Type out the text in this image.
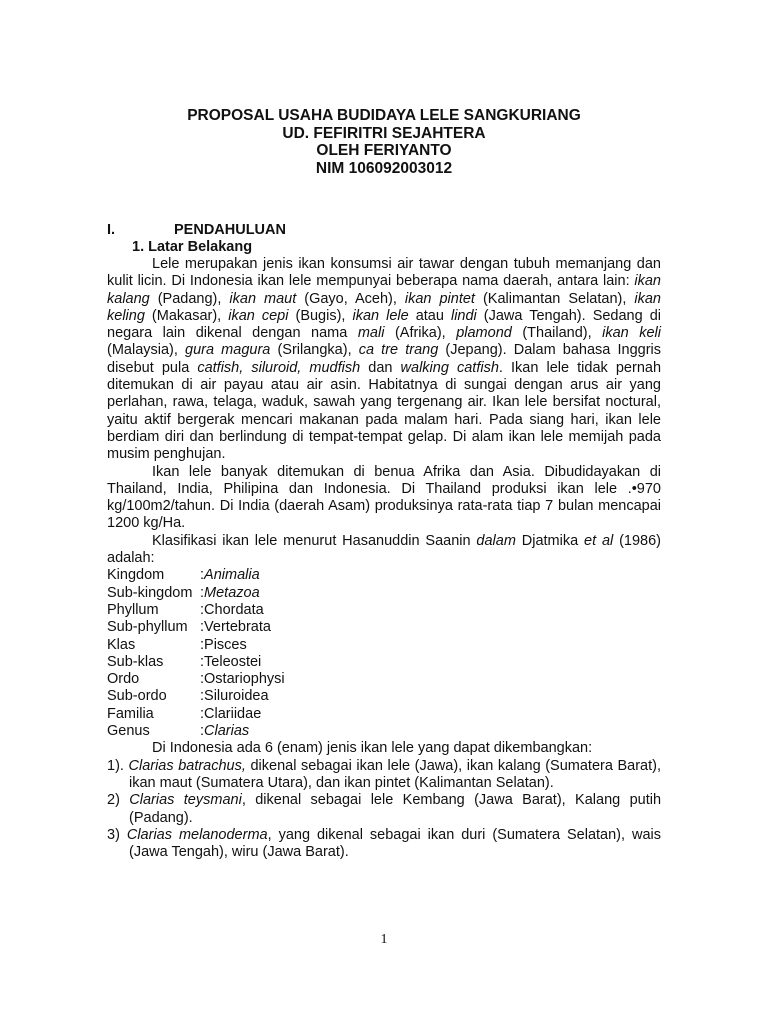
PROPOSAL USAHA BUDIDAYA LELE SANGKURIANG
UD. FEFIRITRI SEJAHTERA
OLEH FERIYANTO
NIM 106092003012
I.	PENDAHULUAN
1. Latar Belakang

Lele merupakan jenis ikan konsumsi air tawar dengan tubuh memanjang dan kulit licin. Di Indonesia ikan lele mempunyai beberapa nama daerah, antara lain: ikan kalang (Padang), ikan maut (Gayo, Aceh), ikan pintet (Kalimantan Selatan), ikan keling (Makasar), ikan cepi (Bugis), ikan lele atau lindi (Jawa Tengah). Sedang di negara lain dikenal dengan nama mali (Afrika), plamond (Thailand), ikan keli (Malaysia), gura magura (Srilangka), ca tre trang (Jepang). Dalam bahasa Inggris disebut pula catfish, siluroid, mudfish dan walking catfish. Ikan lele tidak pernah ditemukan di air payau atau air asin. Habitatnya di sungai dengan arus air yang perlahan, rawa, telaga, waduk, sawah yang tergenang air. Ikan lele bersifat noctural, yaitu aktif bergerak mencari makanan pada malam hari. Pada siang hari, ikan lele berdiam diri dan berlindung di tempat-tempat gelap. Di alam ikan lele memijah pada musim penghujan.

Ikan lele banyak ditemukan di benua Afrika dan Asia. Dibudidayakan di Thailand, India, Philipina dan Indonesia. Di Thailand produksi ikan lele .•970 kg/100m2/tahun. Di India (daerah Asam) produksinya rata-rata tiap 7 bulan mencapai 1200 kg/Ha.

Klasifikasi ikan lele menurut Hasanuddin Saanin dalam Djatmika et al (1986) adalah:

Kingdom	: Animalia
Sub-kingdom : Metazoa
Phyllum	: Chordata
Sub-phyllum : Vertebrata
Klas	: Pisces
Sub-klas	: Teleostei
Ordo	: Ostariophysi
Sub-ordo	: Siluroidea
Familia	: Clariidae
Genus	: Clarias

Di Indonesia ada 6 (enam) jenis ikan lele yang dapat dikembangkan:

1). Clarias batrachus, dikenal sebagai ikan lele (Jawa), ikan kalang (Sumatera Barat), ikan maut (Sumatera Utara), dan ikan pintet (Kalimantan Selatan).

2) Clarias teysmani, dikenal sebagai lele Kembang (Jawa Barat), Kalang putih (Padang).

3) Clarias melanoderma, yang dikenal sebagai ikan duri (Sumatera Selatan), wais (Jawa Tengah), wiru (Jawa Barat).

1
